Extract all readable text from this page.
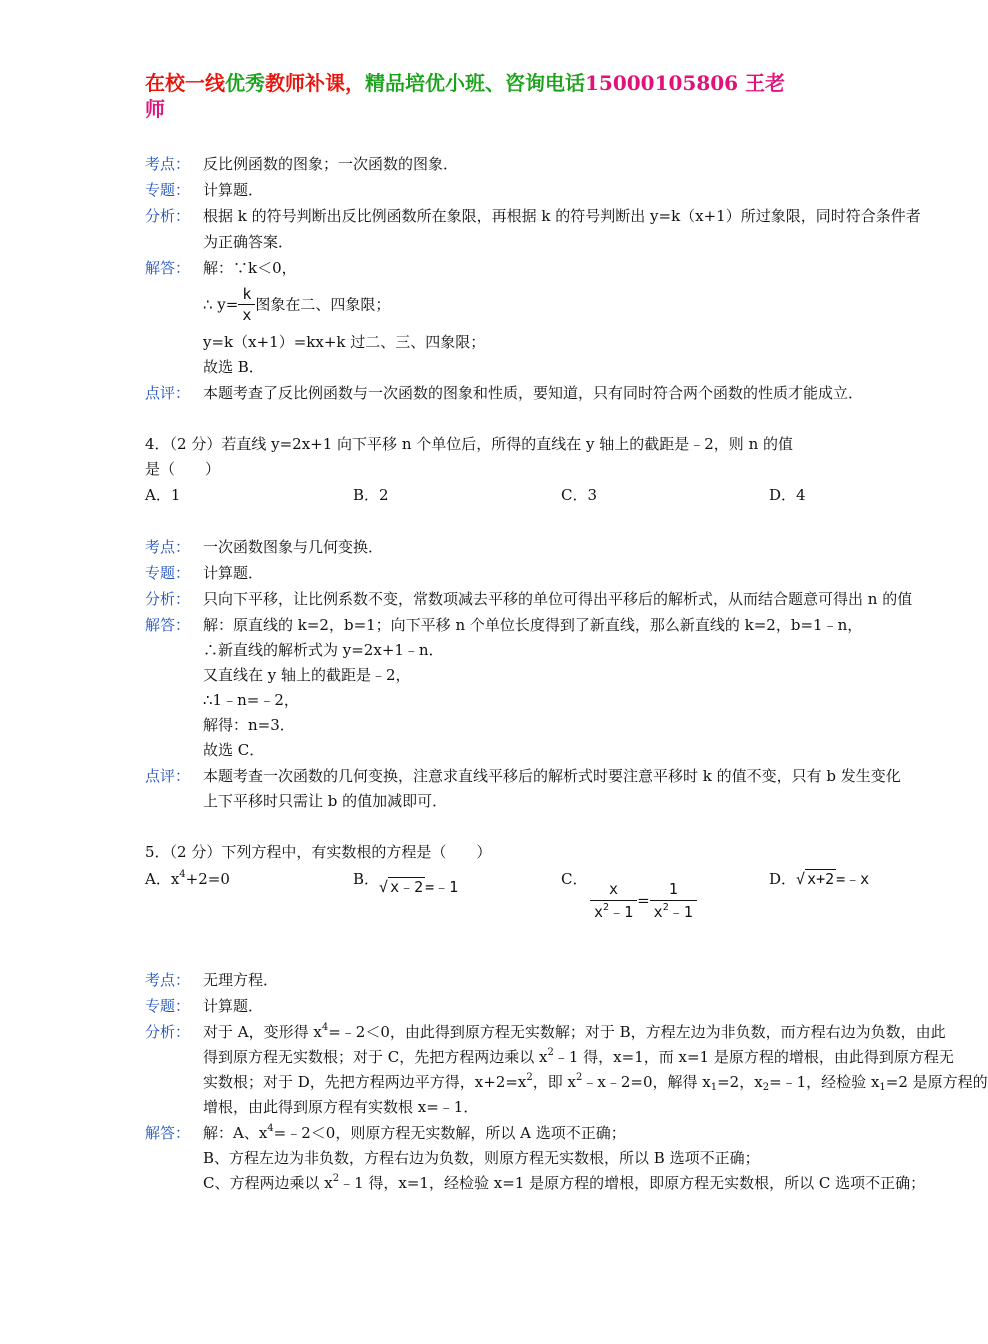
在校一线优秀教师补课，精品培优小班、咨询电话15000105806 王老
师
考点： 反比例函数的图象；一次函数的图象．
专题： 计算题．
分析： 根据 k 的符号判断出反比例函数所在象限，再根据 k 的符号判断出 y=k（x+1）所过象限，同时符合条件者
为正确答案．
解答： 解：∵k＜0，
∴ $y= \frac{k}{x}$ 图象在二、四象限；
y=k（x+1）=kx+k 过二、三、四象限；
故选 B．
点评： 本题考查了反比例函数与一次函数的图象和性质，要知道，只有同时符合两个函数的性质才能成立．
4．（2 分）若直线 y=2x+1 向下平移 n 个单位后，所得的直线在 y 轴上的截距是﹣2，则 n 的值
是（　　）
A．1	B．2	C．3	D．4
考点： 一次函数图象与几何变换．
专题： 计算题．
分析： 只向下平移，让比例系数不变，常数项减去平移的单位可得出平移后的解析式，从而结合题意可得出 n 的值
解答： 解：原直线的 k=2，b=1；向下平移 n 个单位长度得到了新直线，那么新直线的 k=2，b=1﹣n，
∴新直线的解析式为 y=2x+1﹣n．
又直线在 y 轴上的截距是﹣2，
∴1﹣n=﹣2，
解得：n=3．
故选 C．
点评： 本题考查一次函数的几何变换，注意求直线平移后的解析式时要注意平移时 k 的值不变，只有 b 发生变化
上下平移时只需让 b 的值加减即可．
5．（2 分）下列方程中，有实数根的方程是（　　）
A．$x^4+2=0$	B．√ x﹣2 =﹣1	C． $\frac{x}{x^2﹣1} = \frac{1}{x^2﹣1}$	D．√ x+2 =﹣x
考点： 无理方程．
专题： 计算题．
分析： 对于 A，变形得 $x^4=﹣2<0$，由此得到原方程无实数解；对于 B，方程左边为非负数，而方程右边为负数，由此
得到原方程无实数根；对于 C，先把方程两边乘以 $x^2﹣1$ 得，x=1，而 x=1 是原方程的增根，由此得到原方程无
实数根；对于 D，先把方程两边平方得，$x+2=x^2$，即 $x^2﹣x﹣2=0$，解得 $x_1=2$，$x_2=﹣1$，经检验 $x_1=2$ 是原方程的
增根，由此得到原方程有实数根 x=﹣1．
解答： 解：A、$x^4=﹣2<0$，则原方程无实数解，所以 A 选项不正确；
B、方程左边为非负数，方程右边为负数，则原方程无实数根，所以 B 选项不正确；
C、方程两边乘以 $x^2﹣1$ 得，x=1，经检验 x=1 是原方程的增根，即原方程无实数根，所以 C 选项不正确；
